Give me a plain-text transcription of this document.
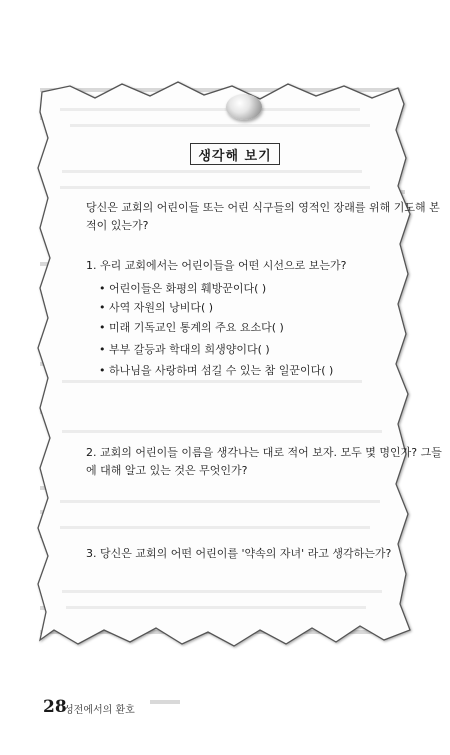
생각해 보기
당신은 교회의 어린이들 또는 어린 식구들의 영적인 장래를 위해 기도해 본
적이 있는가?
1. 우리 교회에서는 어린이들을 어떤 시선으로 보는가?
• 어린이들은 화평의 훼방꾼이다( )
• 사역 자원의 낭비다( )
• 미래 기독교인 통계의 주요 요소다( )
• 부부 갈등과 학대의 희생양이다( )
• 하나님을 사랑하며 섬길 수 있는 참 일꾼이다( )
2. 교회의 어린이들 이름을 생각나는 대로 적어 보자. 모두 몇 명인가? 그들
에 대해 알고 있는 것은 무엇인가?
3. 당신은 교회의 어떤 어린이를 '약속의 자녀' 라고 생각하는가?
28
성전에서의 환호
